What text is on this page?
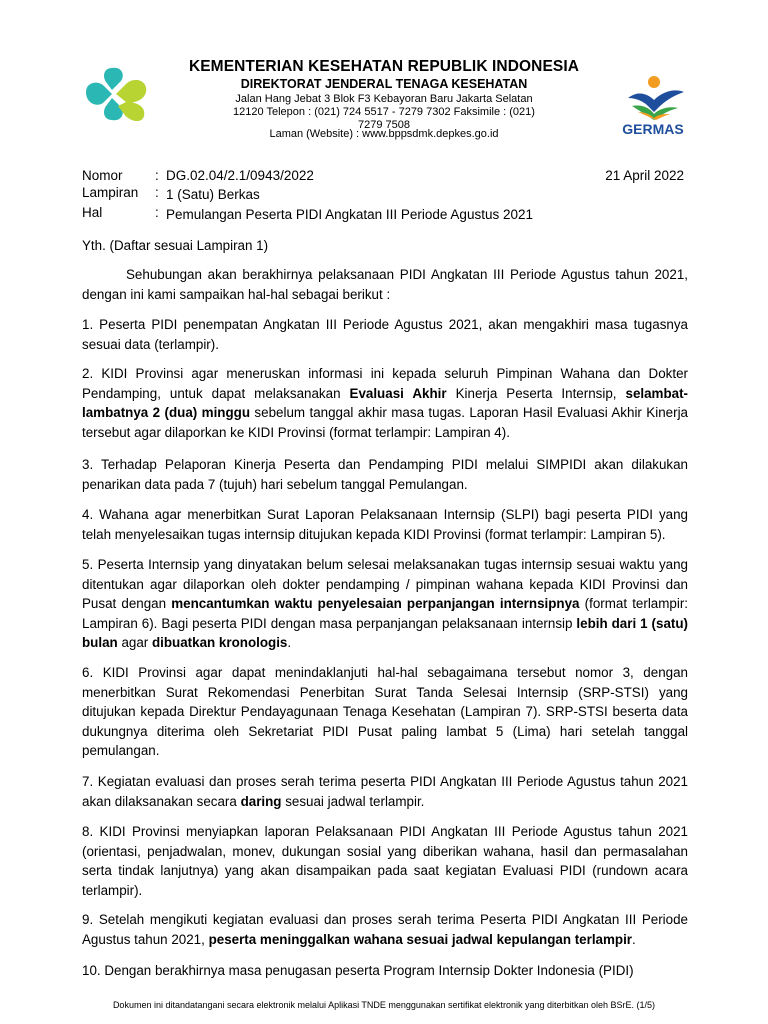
KEMENTERIAN KESEHATAN REPUBLIK INDONESIA
DIREKTORAT JENDERAL TENAGA KESEHATAN
Jalan Hang Jebat 3 Blok F3 Kebayoran Baru Jakarta Selatan
12120 Telepon : (021) 724 5517 - 7279 7302 Faksimile : (021)
7279 7508
Laman (Website) : www.bppsdmk.depkes.go.id	GERMAS
Nomor : DG.02.04/2.1/0943/2022	21 April 2022
Lampiran : 1 (Satu) Berkas
Hal	: Pemulangan Peserta PIDI Angkatan III Periode Agustus 2021
Yth. (Daftar sesuai Lampiran 1)
Sehubungan akan berakhirnya pelaksanaan PIDI Angkatan III Periode Agustus tahun 2021, dengan ini kami sampaikan hal-hal sebagai berikut :
1. Peserta PIDI penempatan Angkatan III Periode Agustus 2021, akan mengakhiri masa tugasnya sesuai data (terlampir).
2. KIDI Provinsi agar meneruskan informasi ini kepada seluruh Pimpinan Wahana dan Dokter Pendamping, untuk dapat melaksanakan Evaluasi Akhir Kinerja Peserta Internsip, selambat-lambatnya 2 (dua) minggu sebelum tanggal akhir masa tugas. Laporan Hasil Evaluasi Akhir Kinerja tersebut agar dilaporkan ke KIDI Provinsi (format terlampir: Lampiran 4).
3. Terhadap Pelaporan Kinerja Peserta dan Pendamping PIDI melalui SIMPIDI akan dilakukan penarikan data pada 7 (tujuh) hari sebelum tanggal Pemulangan.
4. Wahana agar menerbitkan Surat Laporan Pelaksanaan Internsip (SLPI) bagi peserta PIDI yang telah menyelesaikan tugas internsip ditujukan kepada KIDI Provinsi (format terlampir: Lampiran 5).
5. Peserta Internsip yang dinyatakan belum selesai melaksanakan tugas internsip sesuai waktu yang ditentukan agar dilaporkan oleh dokter pendamping / pimpinan wahana kepada KIDI Provinsi dan Pusat dengan mencantumkan waktu penyelesaian perpanjangan internsipnya (format terlampir: Lampiran 6). Bagi peserta PIDI dengan masa perpanjangan pelaksanaan internsip lebih dari 1 (satu) bulan agar dibuatkan kronologis.
6. KIDI Provinsi agar dapat menindaklanjuti hal-hal sebagaimana tersebut nomor 3, dengan menerbitkan Surat Rekomendasi Penerbitan Surat Tanda Selesai Internsip (SRP-STSI) yang ditujukan kepada Direktur Pendayagunaan Tenaga Kesehatan (Lampiran 7). SRP-STSI beserta data dukungnya diterima oleh Sekretariat PIDI Pusat paling lambat 5 (Lima) hari setelah tanggal pemulangan.
7. Kegiatan evaluasi dan proses serah terima peserta PIDI Angkatan III Periode Agustus tahun 2021 akan dilaksanakan secara daring sesuai jadwal terlampir.
8. KIDI Provinsi menyiapkan laporan Pelaksanaan PIDI Angkatan III Periode Agustus tahun 2021 (orientasi, penjadwalan, monev, dukungan sosial yang diberikan wahana, hasil dan permasalahan serta tindak lanjutnya) yang akan disampaikan pada saat kegiatan Evaluasi PIDI (rundown acara terlampir).
9. Setelah mengikuti kegiatan evaluasi dan proses serah terima Peserta PIDI Angkatan III Periode Agustus tahun 2021, peserta meninggalkan wahana sesuai jadwal kepulangan terlampir.
10. Dengan berakhirnya masa penugasan peserta Program Internsip Dokter Indonesia (PIDI)
Dokumen ini ditandatangani secara elektronik melalui Aplikasi TNDE menggunakan sertifikat elektronik yang diterbitkan oleh BSrE. (1/5)
